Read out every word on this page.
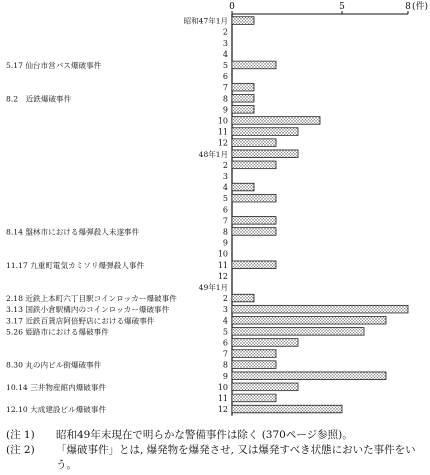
0	5	8 (件)
昭和47年1月
2
3
4
5
6
7
8
9
10
11
12
48年1月
2
3
4
5
6
7
8
9
10
11
12
49年1月
2
3
4
5
6
7
8
9
10
11
12
5.17 仙台市営バス爆破事件
8.2　近鉄爆破事件
8.14 盤林市における爆弾殺人未遂事件
11.17 九重町電気カミソリ爆弾殺人事件
2.18 近鉄上本町六丁目駅コインロッカー爆破事件
3.13 国鉄小倉駅構内のコインロッカー爆破事件
3.17 近鉄百貨店阿倍野店における爆破事件
5.26 姫路市における爆破事件
8.30 丸の内ビル街爆破事件
10.14 三井物産館内爆破事件
12.10 大成建設ビル爆破事件
(注 1)	昭和49年末現在で明らかな警備事件は除く (370ページ参照)。
(注 2)	「爆破事件」とは, 爆発物を爆発させ, 又は爆発すべき状態においた事件をいう。
